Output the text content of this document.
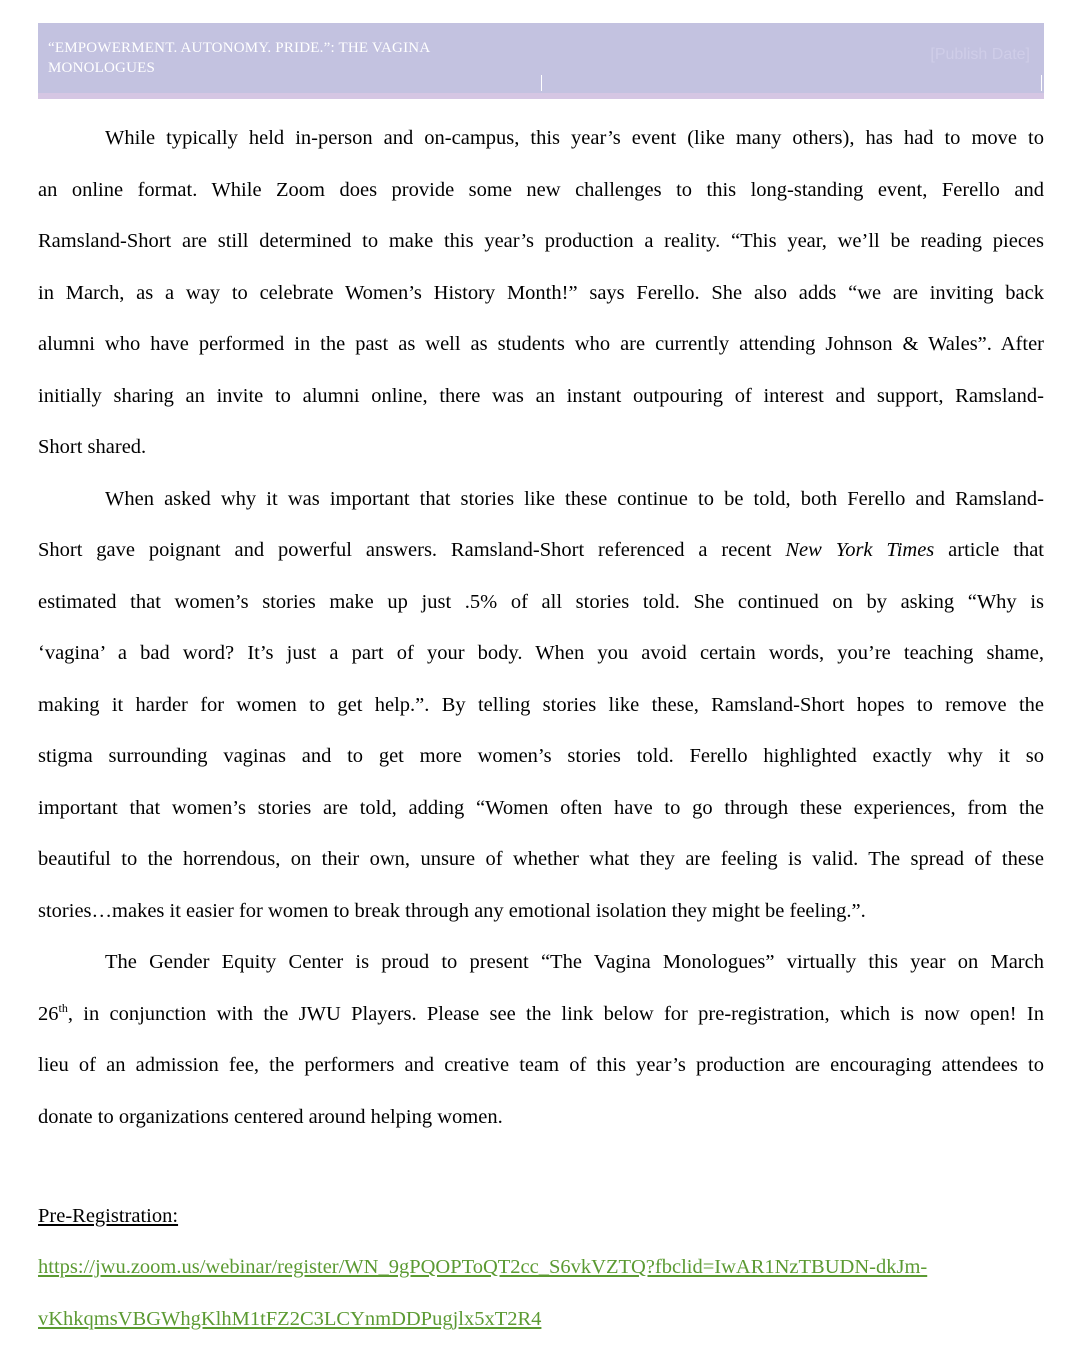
“EMPOWERMENT. AUTONOMY. PRIDE.”: THE VAGINA MONOLOGUES
[Publish Date]
While typically held in-person and on-campus, this year’s event (like many others), has had to move to
an online format. While Zoom does provide some new challenges to this long-standing event, Ferello and
Ramsland-Short are still determined to make this year’s production a reality. “This year, we’ll be reading pieces
in March, as a way to celebrate Women’s History Month!” says Ferello. She also adds “we are inviting back
alumni who have performed in the past as well as students who are currently attending Johnson & Wales”. After
initially sharing an invite to alumni online, there was an instant outpouring of interest and support, Ramsland-
Short shared.
When asked why it was important that stories like these continue to be told, both Ferello and Ramsland-
Short gave poignant and powerful answers. Ramsland-Short referenced a recent New York Times article that
estimated that women’s stories make up just .5% of all stories told. She continued on by asking “Why is
‘vagina’ a bad word? It’s just a part of your body. When you avoid certain words, you’re teaching shame,
making it harder for women to get help.”. By telling stories like these, Ramsland-Short hopes to remove the
stigma surrounding vaginas and to get more women’s stories told. Ferello highlighted exactly why it so
important that women’s stories are told, adding “Women often have to go through these experiences, from the
beautiful to the horrendous, on their own, unsure of whether what they are feeling is valid. The spread of these
stories…makes it easier for women to break through any emotional isolation they might be feeling.”.
The Gender Equity Center is proud to present “The Vagina Monologues” virtually this year on March
26th, in conjunction with the JWU Players. Please see the link below for pre-registration, which is now open! In
lieu of an admission fee, the performers and creative team of this year’s production are encouraging attendees to
donate to organizations centered around helping women.
Pre-Registration:
https://jwu.zoom.us/webinar/register/WN_9gPQOPToQT2cc_S6vkVZTQ?fbclid=IwAR1NzTBUDN-dkJm-
vKhkqmsVBGWhgKlhM1tFZ2C3LCYnmDDPugjlx5xT2R4
